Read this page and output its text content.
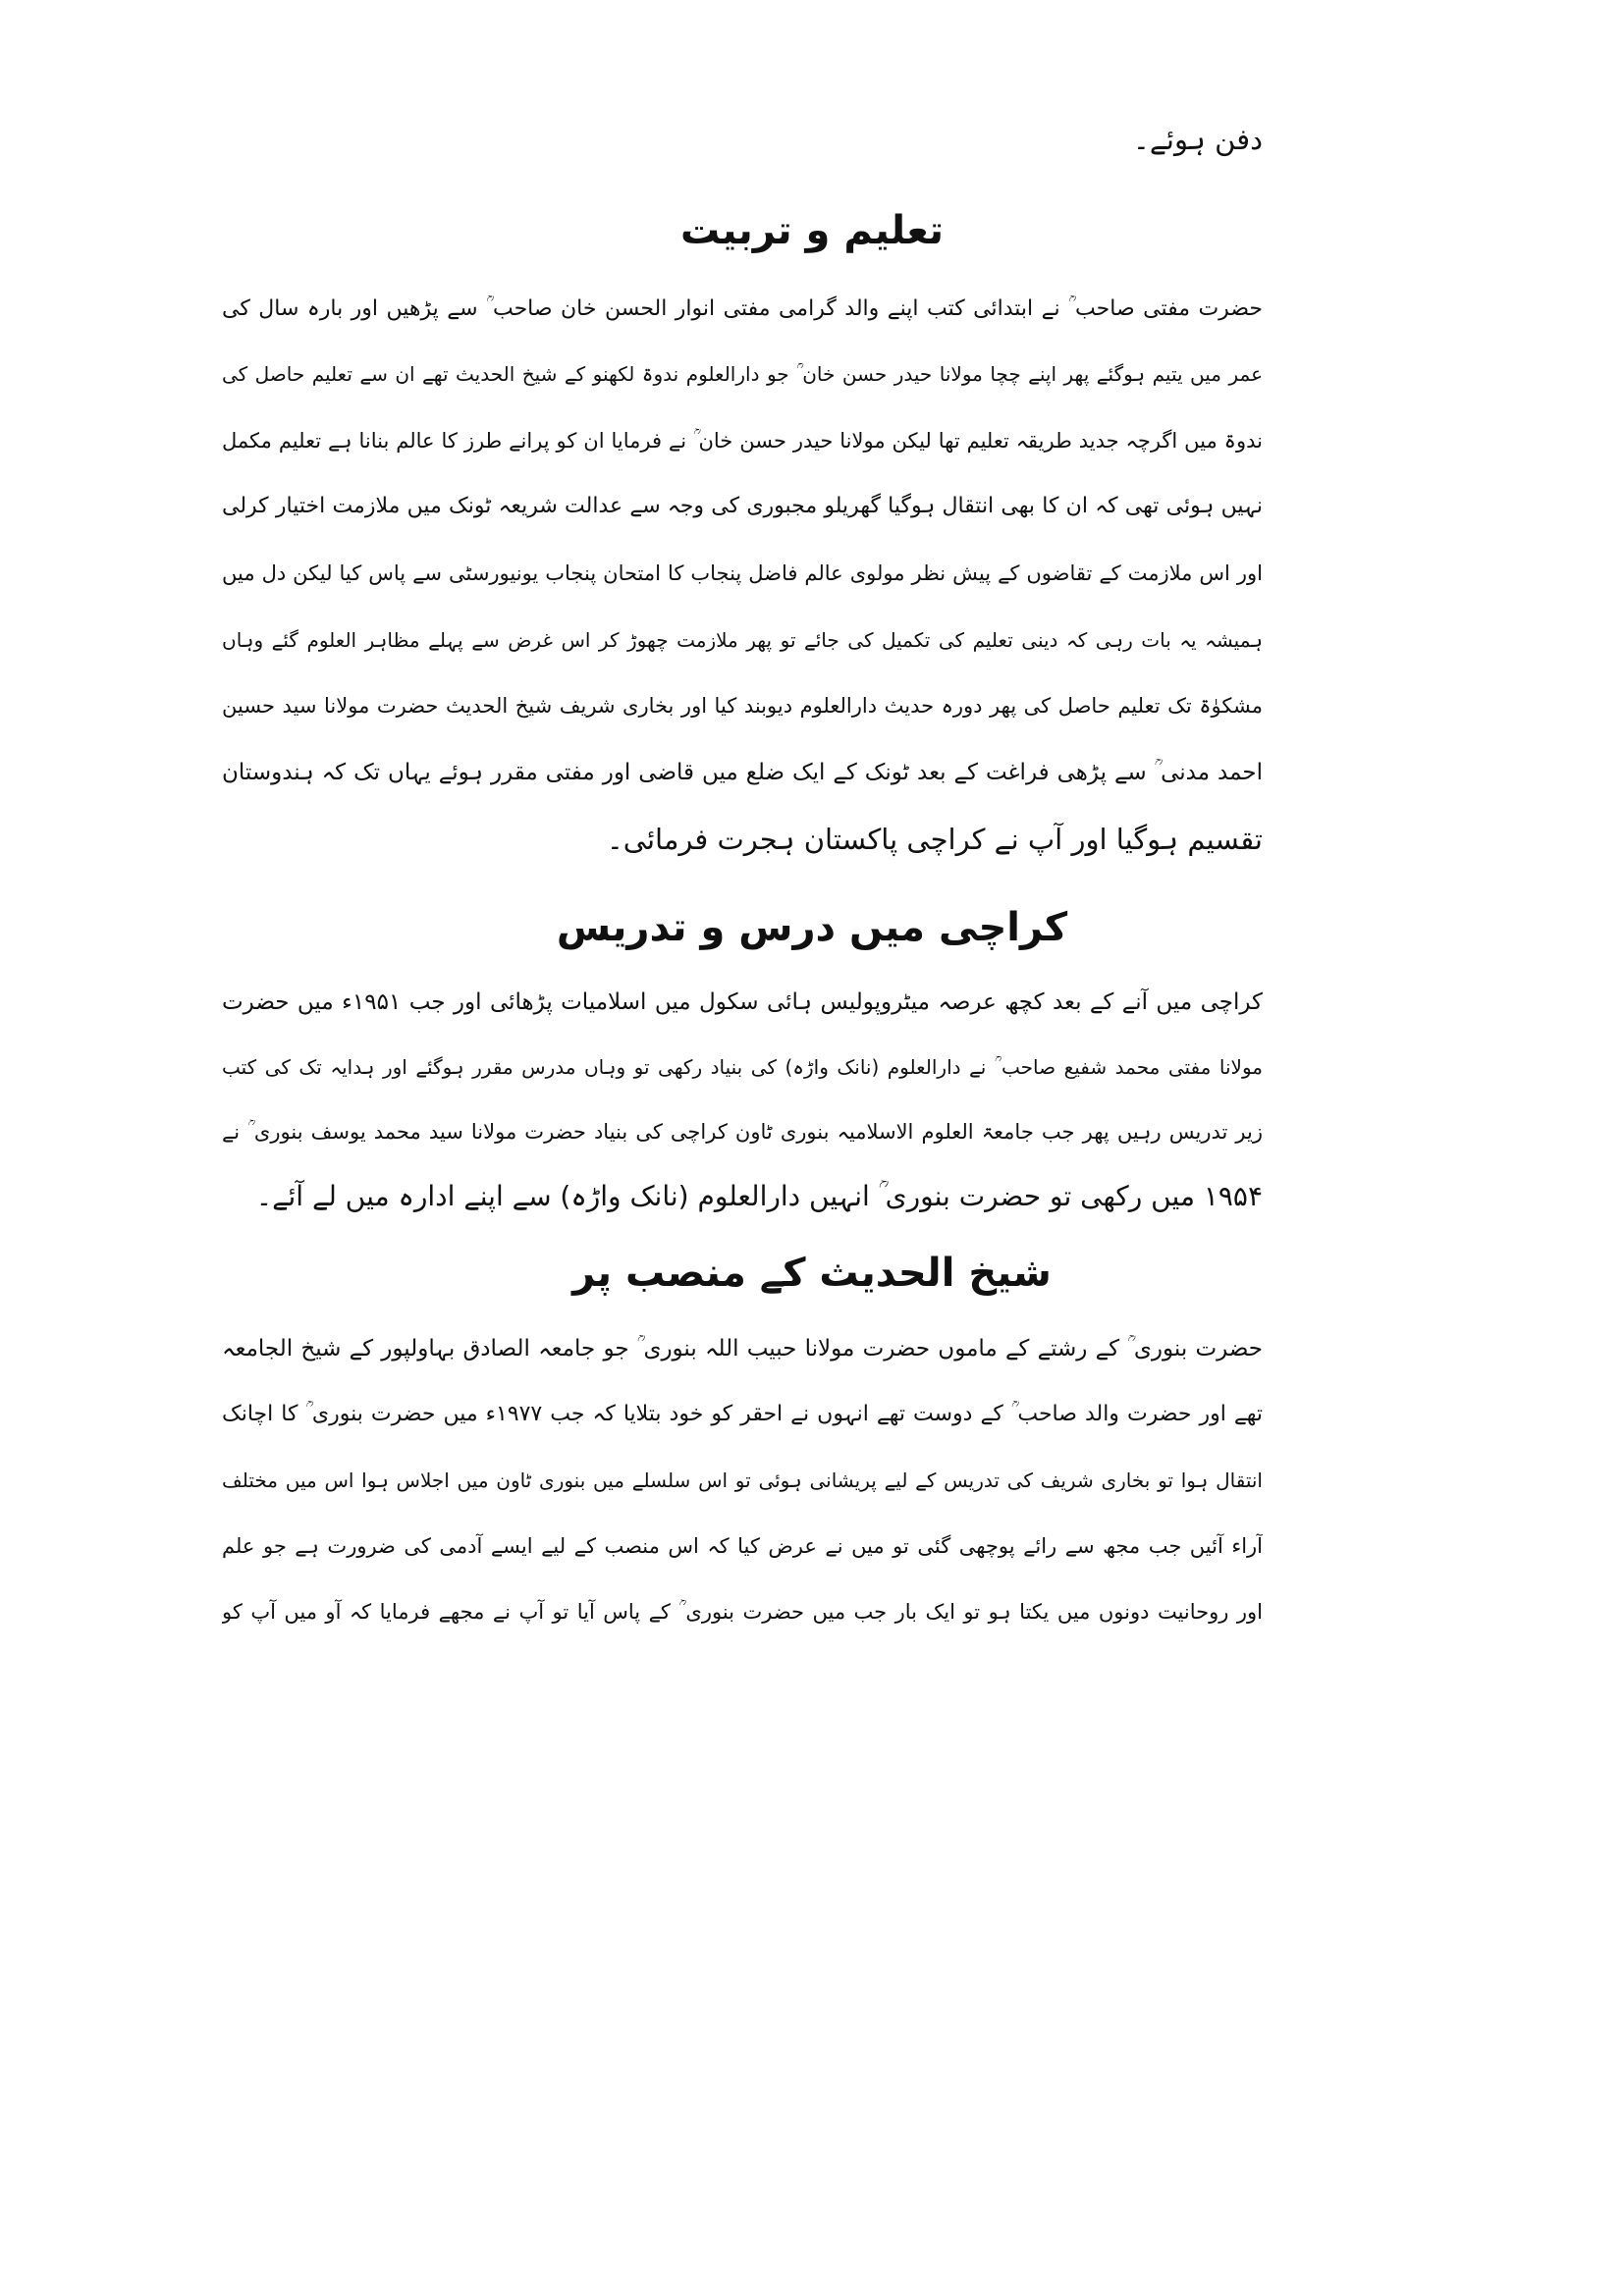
دفن ہوئے۔
تعلیم و تربیت
حضرت مفتی صاحب ؒ نے ابتدائی کتب اپنے والد گرامی مفتی انوار الحسن خان صاحب ؒ سے پڑھیں اور بارہ سال کی
عمر میں یتیم ہوگئے پھر اپنے چچا مولانا حیدر حسن خان ؒ جو دارالعلوم ندوۃ لکھنو کے شیخ الحدیث تھے ان سے تعلیم حاصل کی
ندوۃ میں اگرچہ جدید طریقہ تعلیم تھا لیکن مولانا حیدر حسن خان ؒ نے فرمایا ان کو پرانے طرز کا عالم بنانا ہے تعلیم مکمل
نہیں ہوئی تھی کہ ان کا بھی انتقال ہوگیا گھریلو مجبوری کی وجہ سے عدالت شریعہ ٹونک میں ملازمت اختیار کرلی
اور اس ملازمت کے تقاضوں کے پیش نظر مولوی عالم فاضل پنجاب کا امتحان پنجاب یونیورسٹی سے پاس کیا لیکن دل میں
ہمیشہ یہ بات رہی کہ دینی تعلیم کی تکمیل کی جائے تو پھر ملازمت چھوڑ کر اس غرض سے پہلے مظاہر العلوم گئے وہاں
مشکوٰۃ تک تعلیم حاصل کی پھر دورہ حدیث دارالعلوم دیوبند کیا اور بخاری شریف شیخ الحدیث حضرت مولانا سید حسین
احمد مدنی ؒ سے پڑھی فراغت کے بعد ٹونک کے ایک ضلع میں قاضی اور مفتی مقرر ہوئے یہاں تک کہ ہندوستان
تقسیم ہوگیا اور آپ نے کراچی پاکستان ہجرت فرمائی۔
کراچی میں درس و تدریس
کراچی میں آنے کے بعد کچھ عرصہ میٹروپولیس ہائی سکول میں اسلامیات پڑھائی اور جب ۱۹۵۱ء میں حضرت
مولانا مفتی محمد شفیع صاحب ؒ نے دارالعلوم (نانک واڑہ) کی بنیاد رکھی تو وہاں مدرس مقرر ہوگئے اور ہدایہ تک کی کتب
زیر تدریس رہیں پھر جب جامعۃ العلوم الاسلامیہ بنوری ٹاون کراچی کی بنیاد حضرت مولانا سید محمد یوسف بنوری ؒ نے
۱۹۵۴ میں رکھی تو حضرت بنوری ؒ انہیں دارالعلوم (نانک واڑہ) سے اپنے ادارہ میں لے آئے۔
شیخ الحدیث کے منصب پر
حضرت بنوری ؒ کے رشتے کے ماموں حضرت مولانا حبیب اللہ بنوری ؒ جو جامعہ الصادق بہاولپور کے شیخ الجامعہ
تھے اور حضرت والد صاحب ؒ کے دوست تھے انہوں نے احقر کو خود بتلایا کہ جب ۱۹۷۷ء میں حضرت بنوری ؒ کا اچانک
انتقال ہوا تو بخاری شریف کی تدریس کے لیے پریشانی ہوئی تو اس سلسلے میں بنوری ٹاون میں اجلاس ہوا اس میں مختلف
آراء آئیں جب مجھ سے رائے پوچھی گئی تو میں نے عرض کیا کہ اس منصب کے لیے ایسے آدمی کی ضرورت ہے جو علم
اور روحانیت دونوں میں یکتا ہو تو ایک بار جب میں حضرت بنوری ؒ کے پاس آیا تو آپ نے مجھے فرمایا کہ آو میں آپ کو
